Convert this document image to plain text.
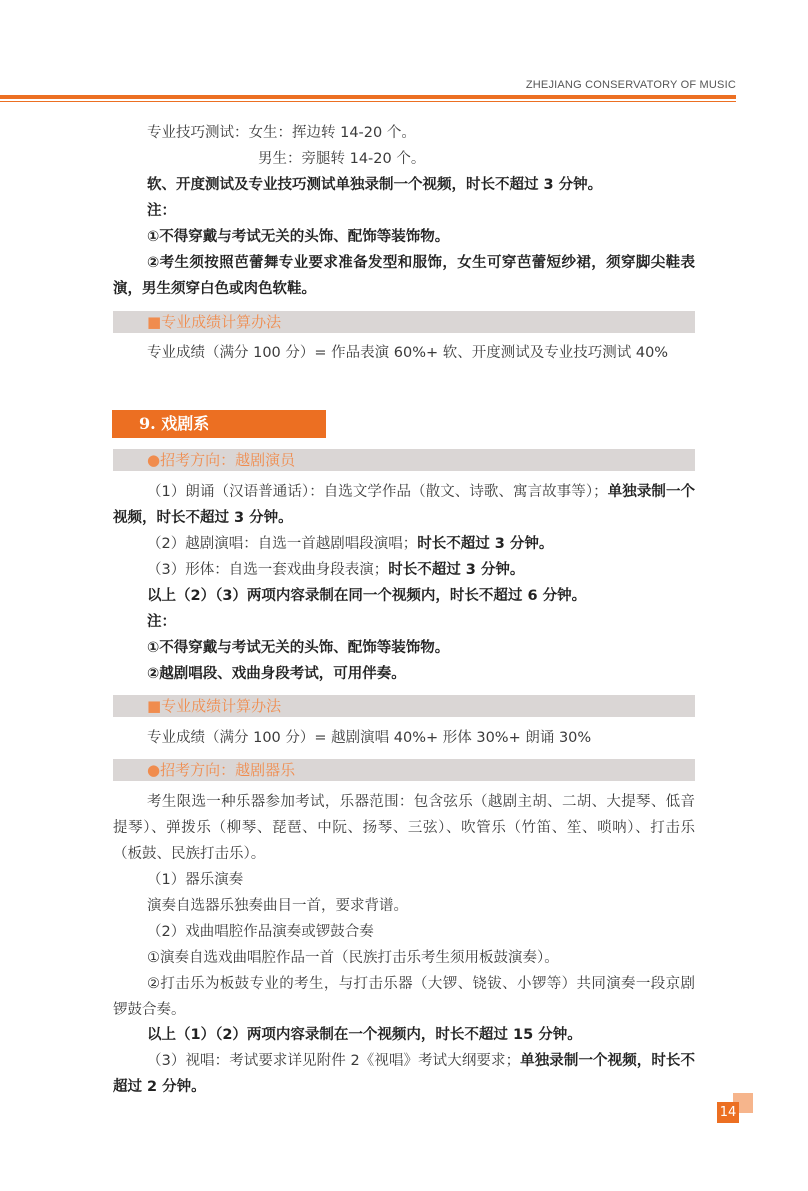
ZHEJIANG CONSERVATORY OF MUSIC
专业技巧测试：女生：挥边转 14-20 个。
男生：旁腿转 14-20 个。
软、开度测试及专业技巧测试单独录制一个视频，时长不超过 3 分钟。
注：
①不得穿戴与考试无关的头饰、配饰等装饰物。
②考生须按照芭蕾舞专业要求准备发型和服饰，女生可穿芭蕾短纱裙，须穿脚尖鞋表演，男生须穿白色或肉色软鞋。
■专业成绩计算办法
专业成绩（满分 100 分）= 作品表演 60%+ 软、开度测试及专业技巧测试 40%
9. 戏剧系
●招考方向：越剧演员
（1）朗诵（汉语普通话）：自选文学作品（散文、诗歌、寓言故事等）；单独录制一个视频，时长不超过 3 分钟。
（2）越剧演唱：自选一首越剧唱段演唱；时长不超过 3 分钟。
（3）形体：自选一套戏曲身段表演；时长不超过 3 分钟。
以上（2）（3）两项内容录制在同一个视频内，时长不超过 6 分钟。
注：
①不得穿戴与考试无关的头饰、配饰等装饰物。
②越剧唱段、戏曲身段考试，可用伴奏。
■专业成绩计算办法
专业成绩（满分 100 分）= 越剧演唱 40%+ 形体 30%+ 朗诵 30%
●招考方向：越剧器乐
考生限选一种乐器参加考试，乐器范围：包含弦乐（越剧主胡、二胡、大提琴、低音提琴）、弹拨乐（柳琴、琵琶、中阮、扬琴、三弦）、吹管乐（竹笛、笙、唢呐）、打击乐（板鼓、民族打击乐）。
（1）器乐演奏
演奏自选器乐独奏曲目一首，要求背谱。
（2）戏曲唱腔作品演奏或锣鼓合奏
①演奏自选戏曲唱腔作品一首（民族打击乐考生须用板鼓演奏）。
②打击乐为板鼓专业的考生，与打击乐器（大锣、铙钹、小锣等）共同演奏一段京剧锣鼓合奏。
以上（1）（2）两项内容录制在一个视频内，时长不超过 15 分钟。
（3）视唱：考试要求详见附件 2《视唱》考试大纲要求；单独录制一个视频，时长不超过 2 分钟。
14
